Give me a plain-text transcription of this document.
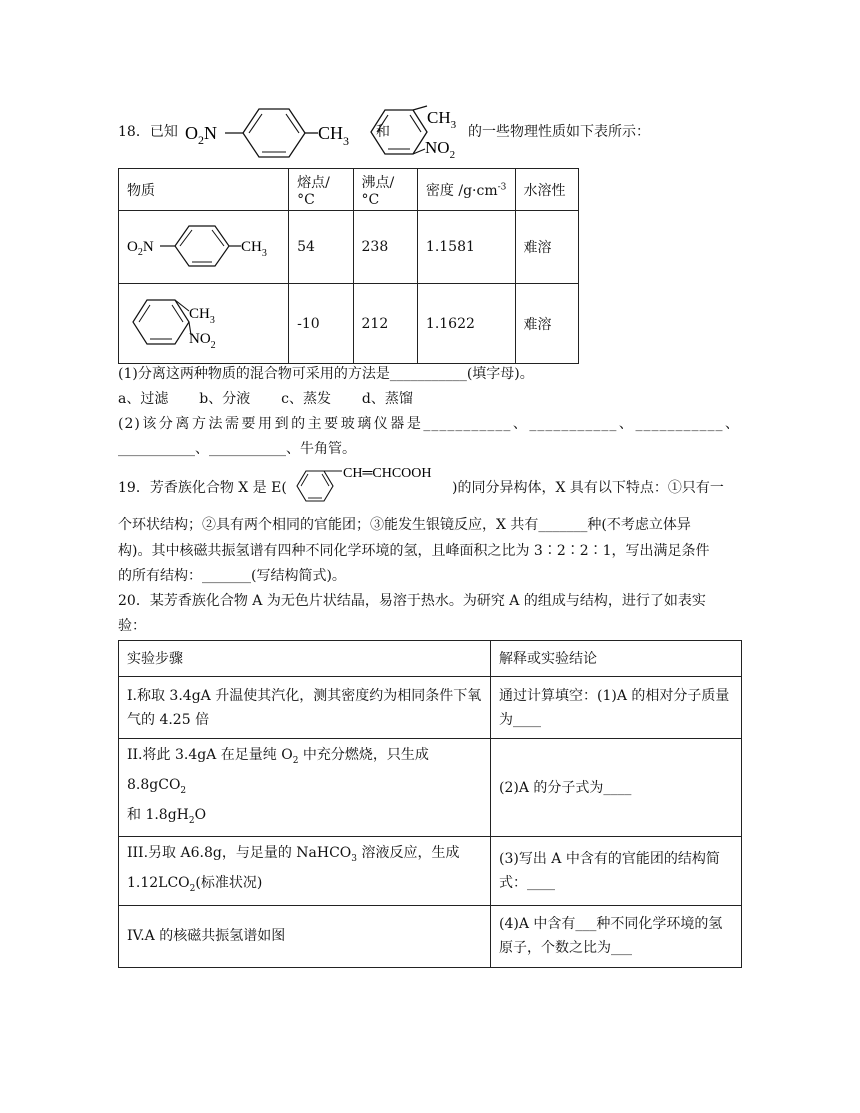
18．已知 $O_2N$	$CH_3$
和
$CH_3$
$NO_2$
的一些物理性质如下表所示：
物质	熔点/°C	沸点/°C	密度 $/g\cdot cm^{-3}$	水溶性

$O_2N$ $CH_3$	54	238	1.1581	难溶

$CH_3$
$NO_2$	-10	212	1.1622	难溶
(1)分离这两种物质的混合物可采用的方法是___________(填字母)。
a、过滤 b、分液 c、蒸发 d、蒸馏
(2)该分离方法需要用到的主要玻璃仪器是___________、___________、___________、
___________、___________、牛角管。
19．芳香族化合物 X 是 E(
CH═CHCOOH
)的同分异构体，X 具有以下特点：①只有一
个环状结构；②具有两个相同的官能团；③能发生银镜反应，X 共有_______种(不考虑立体异
构)。其中核磁共振氢谱有四种不同化学环境的氢，且峰面积之比为 3∶2∶2∶1，写出满足条件
的所有结构：_______(写结构简式)。
20．某芳香族化合物 A 为无色片状结晶，易溶于热水。为研究 A 的组成与结构，进行了如表实
验：
实验步骤	解释或实验结论
I.称取 3.4gA 升温使其汽化，测其密度约为相同条件下氧
气的 4.25 倍	通过计算填空：(1)A 的相对分子质量
为____
II.将此 3.4gA 在足量纯 $O_2$ 中充分燃烧，只生成 8.8gCO$_2$
和 $1.8gH_2O$	(2)A 的分子式为____
III.另取 A6.8g，与足量的 NaHCO$_3$ 溶液反应，生成
$1.12LCO_2$(标准状况)	(3)写出 A 中含有的官能团的结构简
式：____
IV.A 的核磁共振氢谱如图	(4)A 中含有___种不同化学环境的氢
原子，个数之比为___
